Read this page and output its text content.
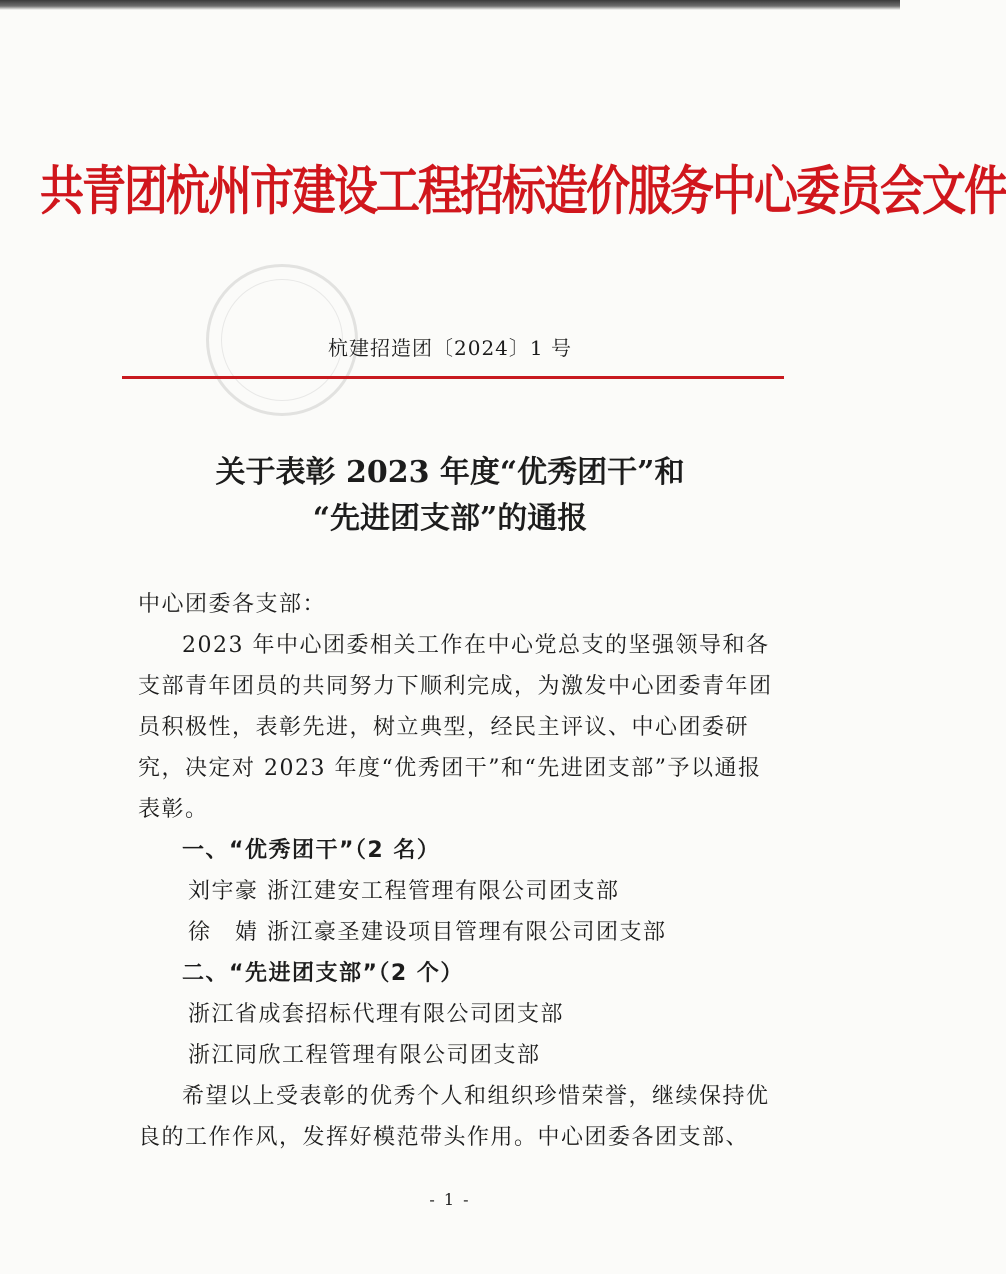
共青团杭州市建设工程招标造价服务中心委员会文件
杭建招造团〔2024〕1 号
关于表彰 2023 年度“优秀团干”和
“先进团支部”的通报

中心团委各支部：

2023 年中心团委相关工作在中心党总支的坚强领导和各支部青年团员的共同努力下顺利完成，为激发中心团委青年团员积极性，表彰先进，树立典型，经民主评议、中心团委研究，决定对 2023 年度“优秀团干”和“先进团支部”予以通报表彰。

一、“优秀团干”（2 名）

刘宇豪 浙江建安工程管理有限公司团支部

徐　婧 浙江豪圣建设项目管理有限公司团支部

二、“先进团支部”（2 个）

浙江省成套招标代理有限公司团支部

浙江同欣工程管理有限公司团支部

希望以上受表彰的优秀个人和组织珍惜荣誉，继续保持优良的工作作风，发挥好模范带头作用。中心团委各团支部、

- 1 -
